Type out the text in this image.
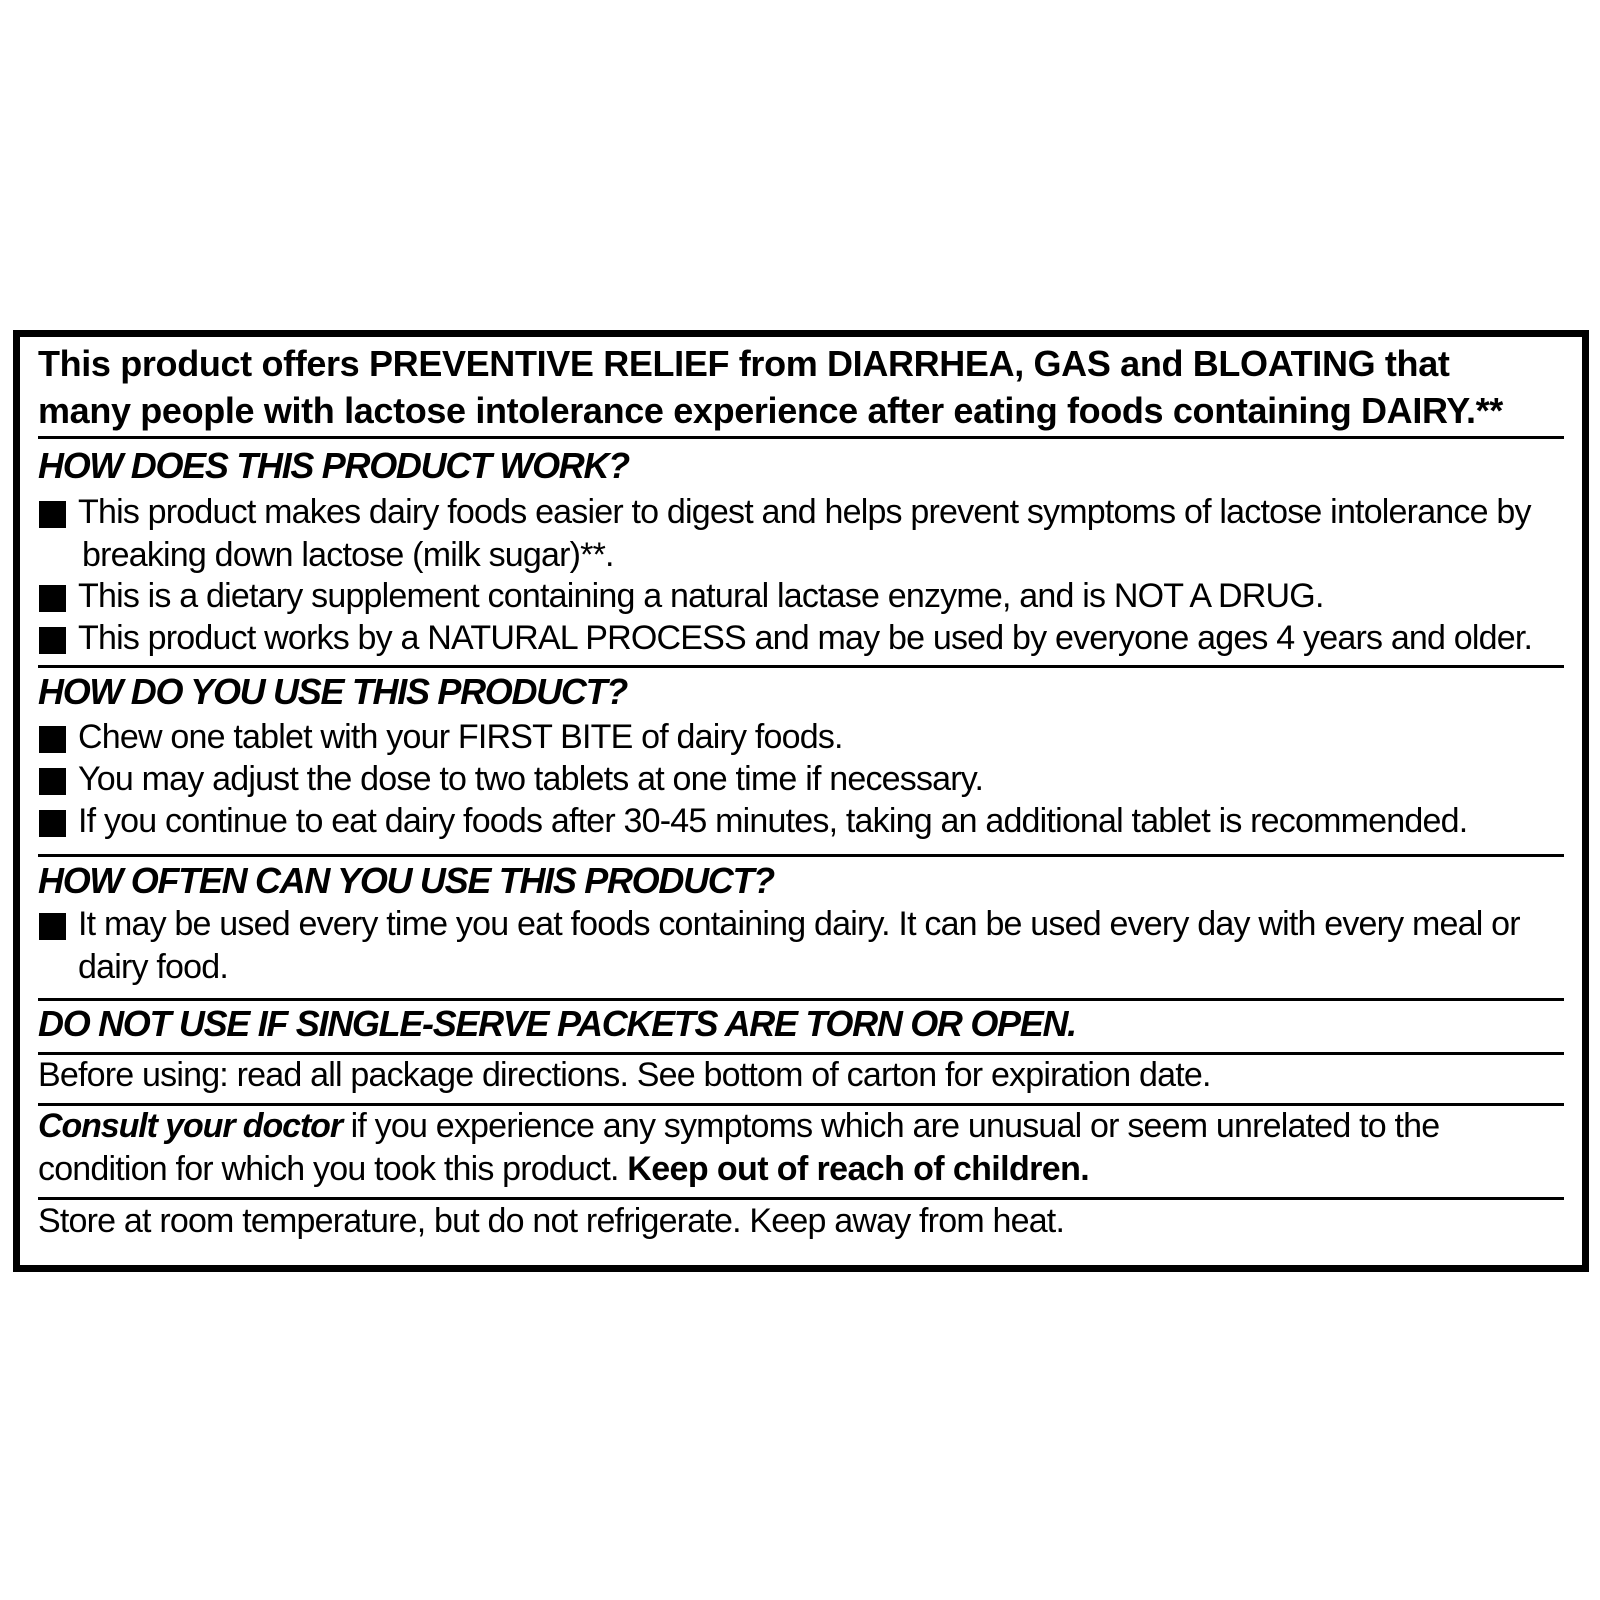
This product offers PREVENTIVE RELIEF from DIARRHEA, GAS and BLOATING that
many people with lactose intolerance experience after eating foods containing DAIRY.**
HOW DOES THIS PRODUCT WORK?
This product makes dairy foods easier to digest and helps prevent symptoms of lactose intolerance by
breaking down lactose (milk sugar)**.
This is a dietary supplement containing a natural lactase enzyme, and is NOT A DRUG.
This product works by a NATURAL PROCESS and may be used by everyone ages 4 years and older.
HOW DO YOU USE THIS PRODUCT?
Chew one tablet with your FIRST BITE of dairy foods.
You may adjust the dose to two tablets at one time if necessary.
If you continue to eat dairy foods after 30-45 minutes, taking an additional tablet is recommended.
HOW OFTEN CAN YOU USE THIS PRODUCT?
It may be used every time you eat foods containing dairy. It can be used every day with every meal or
dairy food.
DO NOT USE IF SINGLE-SERVE PACKETS ARE TORN OR OPEN.
Before using: read all package directions. See bottom of carton for expiration date.
Consult your doctor if you experience any symptoms which are unusual or seem unrelated to the
condition for which you took this product. Keep out of reach of children.
Store at room temperature, but do not refrigerate. Keep away from heat.
